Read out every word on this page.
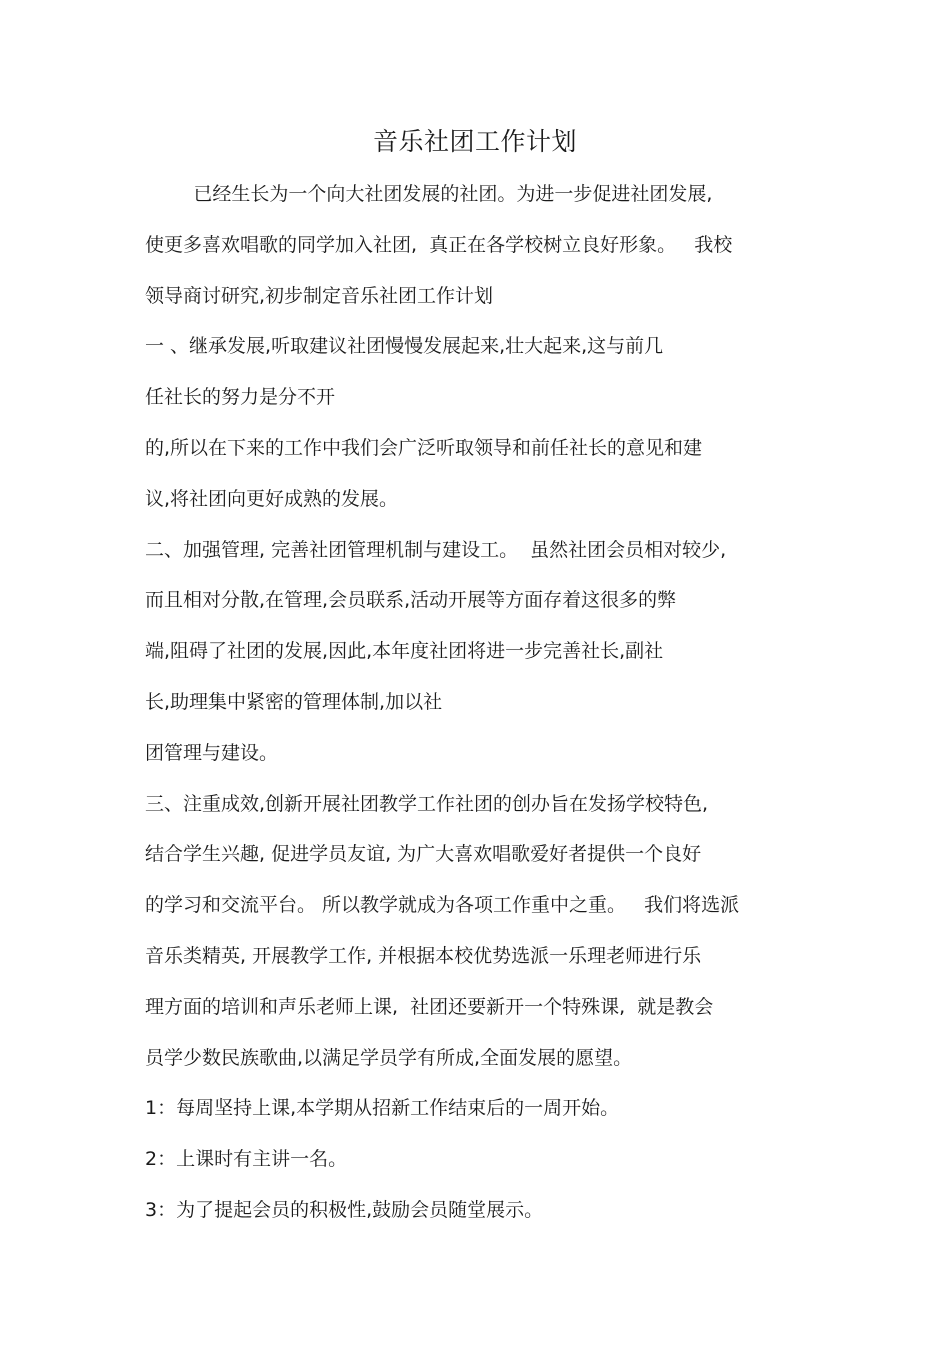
音乐社团工作计划
已经生长为一个向大社团发展的社团。为进一步促进社团发展,
使更多喜欢唱歌的同学加入社团,  真正在各学校树立良好形象。   我校
领导商讨研究,初步制定音乐社团工作计划
一 、继承发展,听取建议社团慢慢发展起来,壮大起来,这与前几
任社长的努力是分不开
的,所以在下来的工作中我们会广泛听取领导和前任社长的意见和建
议,将社团向更好成熟的发展。
二、加强管理, 完善社团管理机制与建设工。  虽然社团会员相对较少,
而且相对分散,在管理,会员联系,活动开展等方面存着这很多的弊
端,阻碍了社团的发展,因此,本年度社团将进一步完善社长,副社
长,助理集中紧密的管理体制,加以社
团管理与建设。
三、注重成效,创新开展社团教学工作社团的创办旨在发扬学校特色,
结合学生兴趣, 促进学员友谊, 为广大喜欢唱歌爱好者提供一个良好
的学习和交流平台。 所以教学就成为各项工作重中之重。   我们将选派
音乐类精英, 开展教学工作, 并根据本校优势选派一乐理老师进行乐
理方面的培训和声乐老师上课,  社团还要新开一个特殊课,  就是教会
员学少数民族歌曲,以满足学员学有所成,全面发展的愿望。
1：每周坚持上课,本学期从招新工作结束后的一周开始。
2：上课时有主讲一名。
3：为了提起会员的积极性,鼓励会员随堂展示。
